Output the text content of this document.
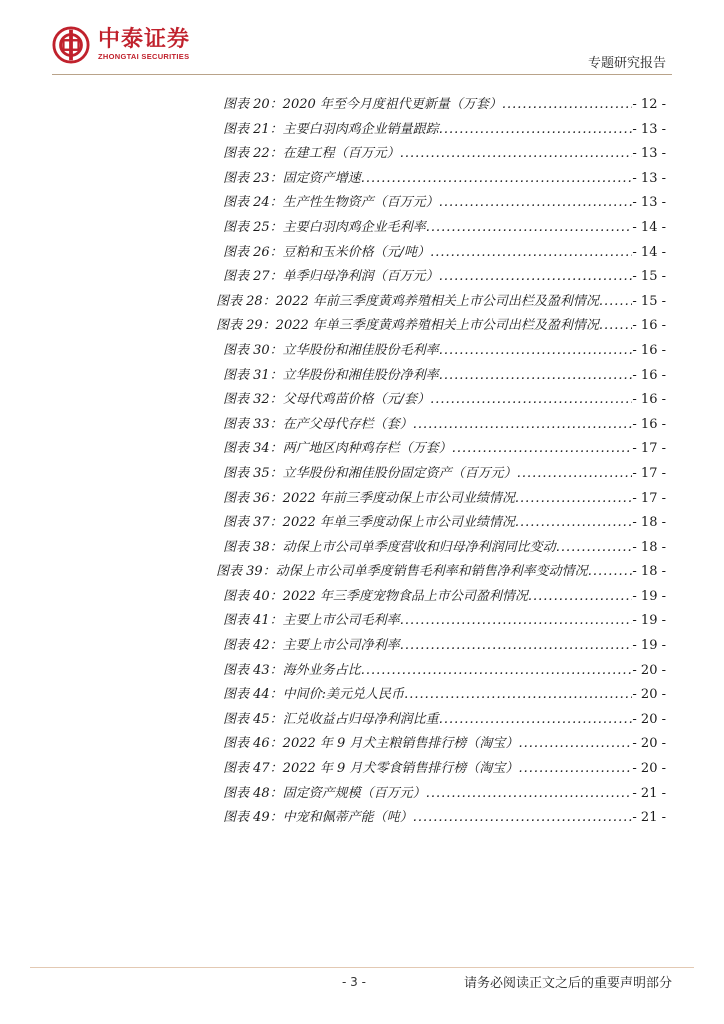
中泰证券
ZHONGTAI SECURITIES	专题研究报告
图表 20：2020 年至今月度祖代更新量（万套） .....	- 12 -
图表 21：主要白羽肉鸡企业销量跟踪 .....	- 13 -
图表 22：在建工程（百万元） .....	- 13 -
图表 23：固定资产增速 .....	- 13 -
图表 24：生产性生物资产（百万元） .....	- 13 -
图表 25：主要白羽肉鸡企业毛利率 .....	- 14 -
图表 26：豆粕和玉米价格（元/吨） .....	- 14 -
图表 27：单季归母净利润（百万元） .....	- 15 -
图表 28：2022 年前三季度黄鸡养殖相关上市公司出栏及盈利情况 .....	- 15 -
图表 29：2022 年单三季度黄鸡养殖相关上市公司出栏及盈利情况 .....	- 16 -
图表 30：立华股份和湘佳股份毛利率 .....	- 16 -
图表 31：立华股份和湘佳股份净利率 .....	- 16 -
图表 32：父母代鸡苗价格（元/套） .....	- 16 -
图表 33：在产父母代存栏（套） .....	- 16 -
图表 34：两广地区肉种鸡存栏（万套） .....	- 17 -
图表 35：立华股份和湘佳股份固定资产（百万元） .....	- 17 -
图表 36：2022 年前三季度动保上市公司业绩情况 .....	- 17 -
图表 37：2022 年单三季度动保上市公司业绩情况 .....	- 18 -
图表 38：动保上市公司单季度营收和归母净利润同比变动 .....	- 18 -
图表 39：动保上市公司单季度销售毛利率和销售净利率变动情况 .....	- 18 -
图表 40：2022 年三季度宠物食品上市公司盈利情况 .....	- 19 -
图表 41：主要上市公司毛利率 .....	- 19 -
图表 42：主要上市公司净利率 .....	- 19 -
图表 43：海外业务占比 .....	- 20 -
图表 44：中间价:美元兑人民币 .....	- 20 -
图表 45：汇兑收益占归母净利润比重 .....	- 20 -
图表 46：2022 年 9 月犬主粮销售排行榜（淘宝） .....	- 20 -
图表 47：2022 年 9 月犬零食销售排行榜（淘宝） .....	- 20 -
图表 48：固定资产规模（百万元） .....	- 21 -
图表 49：中宠和佩蒂产能（吨） .....	- 21 -
- 3 -	请务必阅读正文之后的重要声明部分
